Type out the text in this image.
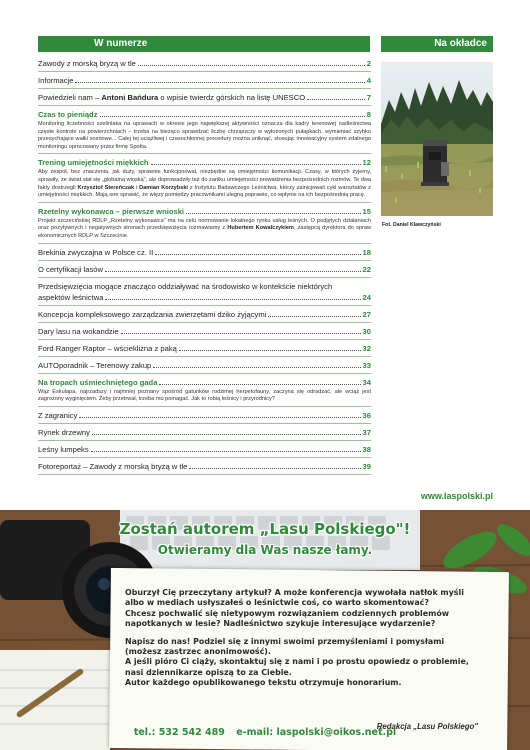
W numerze	Na okładce
Zawody z morską bryzą w tle	2
Informacje	4
Powiedzieli nam – Antoni Bańdura o wpisie twierdz górskich na listę UNESCO	7
Czas to pieniądz	8
Monitoring liczebności szeliniaka na uprawach w okresie jego największej aktywności oznacza dla kadry terenowej nadleśnictwa częste kontrole na powierzchniach – trzeba na bieżąco sprawdzać liczbę chrząszczy w wyłożonych pułapkach, wymieniać szybko przesychające wałki sosnowe... Całej tej uciążliwej i czasochłonnej procedury można uniknąć, stosując innowacyjny system zdalnego monitoringu oprocowany przez firmę Spotta.
Trening umiejętności miękkich	12
Aby zespół, bez znaczenia, jak duży, sprawnie funkcjonował, niezbędne są umiejętności komunikacji. Czasy, w których żyjemy, sprawiły, że świat stał się „globalną wioską", ale doprowadziły też do zaniku umiejętności prowadzenia bezpośrednich rozmów. Te dwa fakty dostrzegli Krzysztof Stereńczak i Damian Korzybski z Instytutu Badawczego Leśnictwa, którzy zainicjowali cykl warsztatów z umiejętności miękkich. Mają one sprawić, że więzy pomiędzy pracownikami ulegną poprawie, co wpłynie na ich bezpośrednią pracę.
Rzetelny wykonawca – pierwsze wnioski	15
Projekt szczecińskiej RDLP „Rzetelny wykonawca" ma na celu normowanie lokalnego rynku usług leśnych. O podjętych działaniach oraz pozytywnych i negatywnych stronach przedsięwzięcia rozmawiamy z Hubertem Kowalczykiem, zastępcą dyrektora do spraw ekonomicznych RDLP w Szczecinie.
Brekinia zwyczajna w Polsce cz. II	18
O certyfikacji lasów	22
Przedsięwzięcia mogące znacząco oddziaływać na środowisko w kontekście niektórych
aspektów leśnictwa	24
Koncepcja kompleksowego zarządzania zwierzętami dziko żyjącymi	27
Dary lasu na wokandzie	30
Ford Ranger Raptor – wściekliżna z paką	32
AUTOporadnik – Terenowy zakup	33
Na tropach uśmiechniętego gada	34
Wąż Eskulapa, najrzadszy i najmniej poznany spośród gatunków rodzimej herpetofauny, zaczyna się odradzać, ale wciąż jest zagrożony wyginięciem. Żeby przetrwał, trzeba mu pomagać. Jak to robią leśnicy i przyrodnicy?
Z zagranicy	36
Rynek drzewny	37
Leśny lumpeks	38
Fotoreportaż – Zawody z morską bryzą w tle	39
Fot. Daniel Klawczyński
www.laspolski.pl
Zostań autorem „Lasu Polskiego"!
Otwieramy dla Was nasze łamy.

Oburzył Cię przeczytany artykuł? A może konferencja wywołała natłok myśli
albo w mediach usłyszałeś o leśnictwie coś, co warto skomentować?
Chcesz pochwalić się nietypowym rozwiązaniem codziennych problemów
napotkanych w lesie? Nadleśnictwo szykuje interesujące wydarzenie?

Napisz do nas! Podziel się z innymi swoimi przemyśleniami i pomysłami
(możesz zastrzec anonimowość).
A jeśli pióro Ci ciąży, skontaktuj się z nami i po prostu opowiedz o problemie,
nasi dziennikarze opiszą to za Ciebie.
Autor każdego opublikowanego tekstu otrzymuje honorarium.

Redakcja „Lasu Polskiego"
tel.: 532 542 489 e-mail: laspolski@oikos.net.pl
